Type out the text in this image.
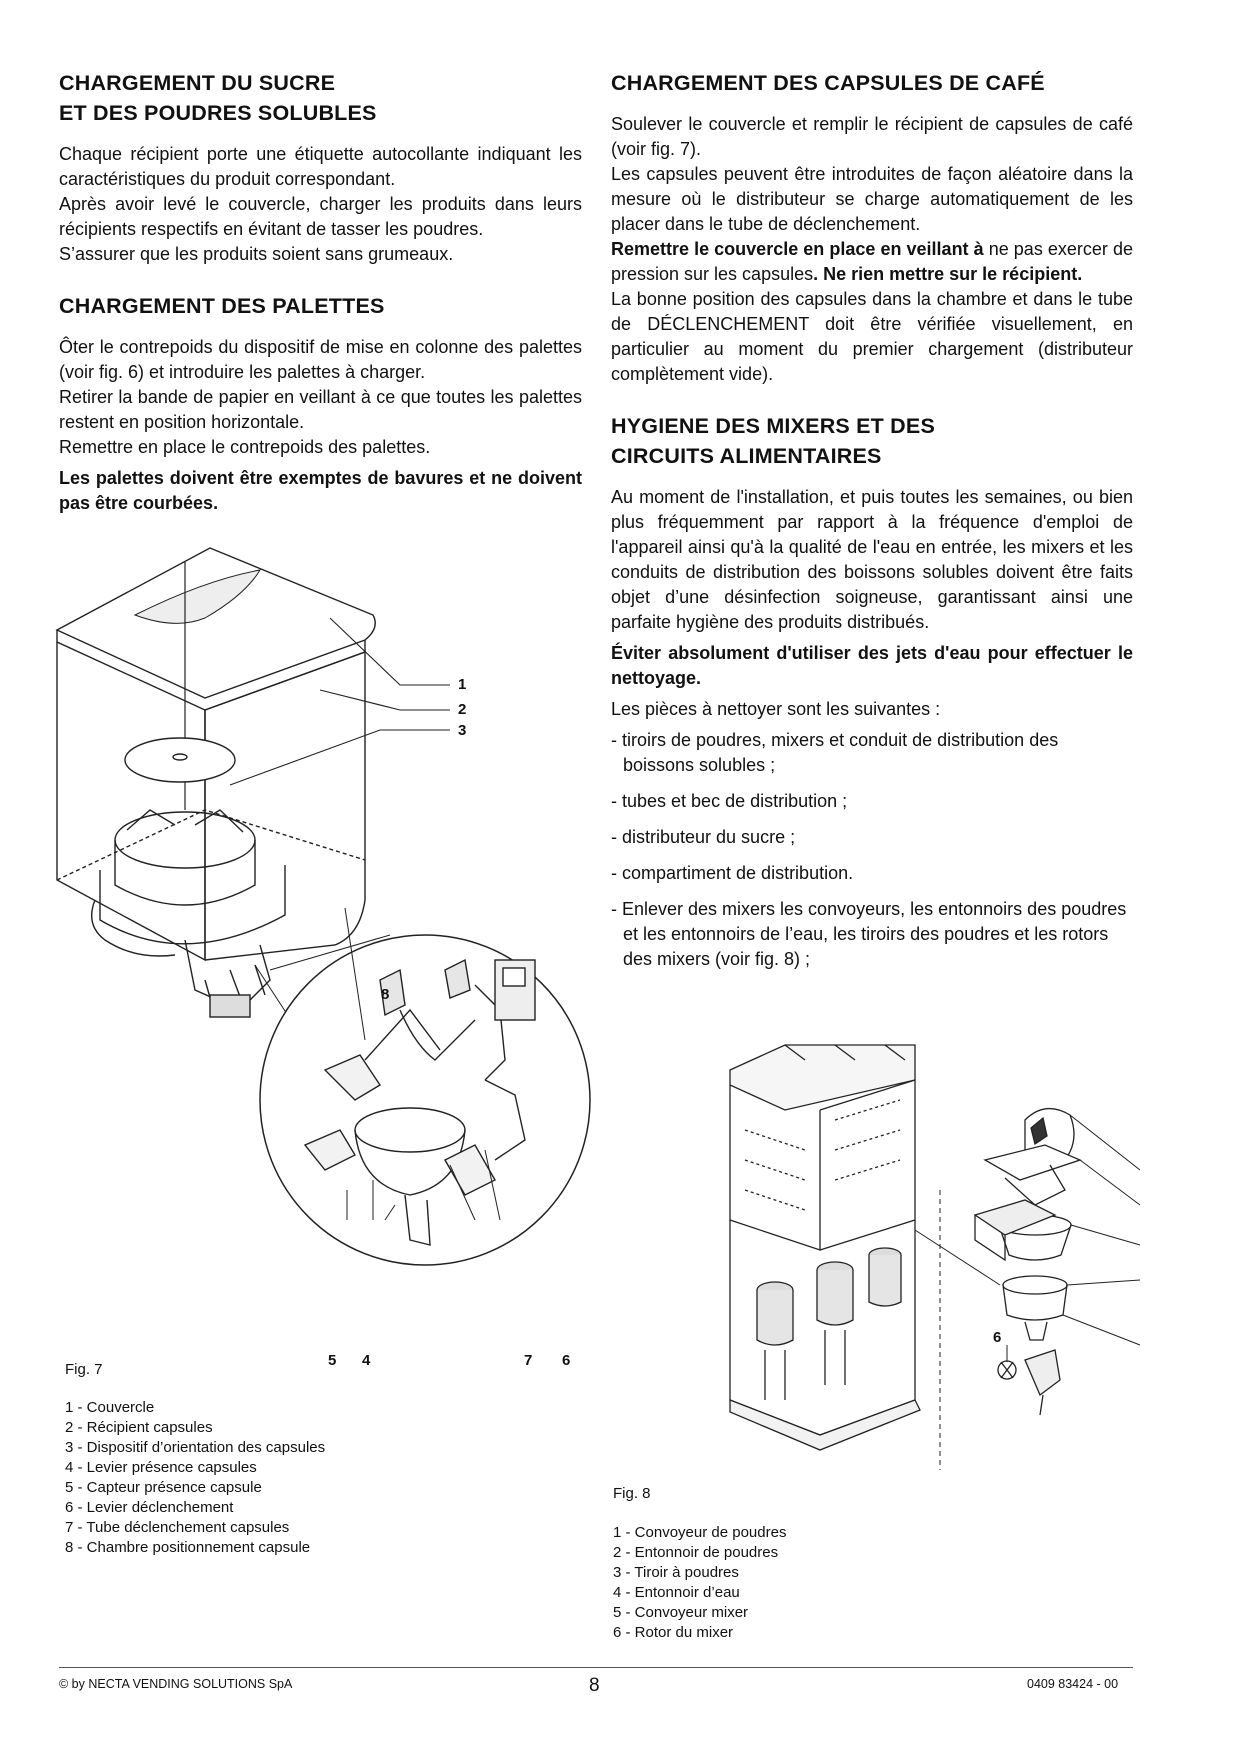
CHARGEMENT DU SUCRE
ET DES POUDRES SOLUBLES

Chaque récipient porte une étiquette autocollante indiquant les caractéristiques du produit correspondant.

Après avoir levé le couvercle, charger les produits dans leurs récipients respectifs en évitant de tasser les poudres.

S’assurer que les produits soient sans grumeaux.

CHARGEMENT DES PALETTES

Ôter le contrepoids du dispositif de mise en colonne des palettes (voir fig. 6) et introduire les palettes à charger.

Retirer la bande de papier en veillant à ce que toutes les palettes restent en position horizontale.

Remettre en place le contrepoids des palettes.

Les palettes doivent être exemptes de bavures et ne doivent pas être courbées.

CHARGEMENT DES CAPSULES DE CAFÉ

Soulever le couvercle et remplir le récipient de capsules de café (voir fig. 7).

Les capsules peuvent être introduites de façon aléatoire dans la mesure où le distributeur se charge automatiquement de les placer dans le tube de déclenchement.

Remettre le couvercle en place en veillant à ne pas exercer de pression sur les capsules. Ne rien mettre sur le récipient.

La bonne position des capsules dans la chambre et dans le tube de DÉCLENCHEMENT doit être vérifiée visuellement, en particulier au moment du premier chargement (distributeur complètement vide).

HYGIENE DES MIXERS ET DES
CIRCUITS ALIMENTAIRES

Au moment de l'installation, et puis toutes les semaines, ou bien plus fréquemment par rapport à la fréquence d'emploi de l'appareil ainsi qu'à la qualité de l'eau en entrée, les mixers et les conduits de distribution des boissons solubles doivent être faits objet d’une désinfection soigneuse, garantissant ainsi une parfaite hygiène des produits distribués.

Éviter absolument d'utiliser des jets d'eau pour effectuer le nettoyage.

Les pièces à nettoyer sont les suivantes :

- tiroirs de poudres, mixers et conduit de distribution des boissons solubles ;
- tubes et bec de distribution ;
- distributeur du sucre ;
- compartiment de distribution.
- Enlever des mixers les convoyeurs, les entonnoirs des poudres et les entonnoirs de l’eau, les tiroirs des poudres et les rotors des mixers (voir fig. 8) ;
1
2
3
8
5 4	7 6
Fig. 7
1 - Couvercle
2 - Récipient capsules
3 - Dispositif d’orientation des capsules
4 - Levier présence capsules
5 - Capteur présence capsule
6 - Levier déclenchement
7 - Tube déclenchement capsules
8 - Chambre positionnement capsule
6
Fig. 8
1 - Convoyeur de poudres
2 - Entonnoir de poudres
3 - Tiroir à poudres
4 - Entonnoir d’eau
5 - Convoyeur mixer
6 - Rotor du mixer
© by NECTA VENDING SOLUTIONS SpA	8	0409 83424 - 00
